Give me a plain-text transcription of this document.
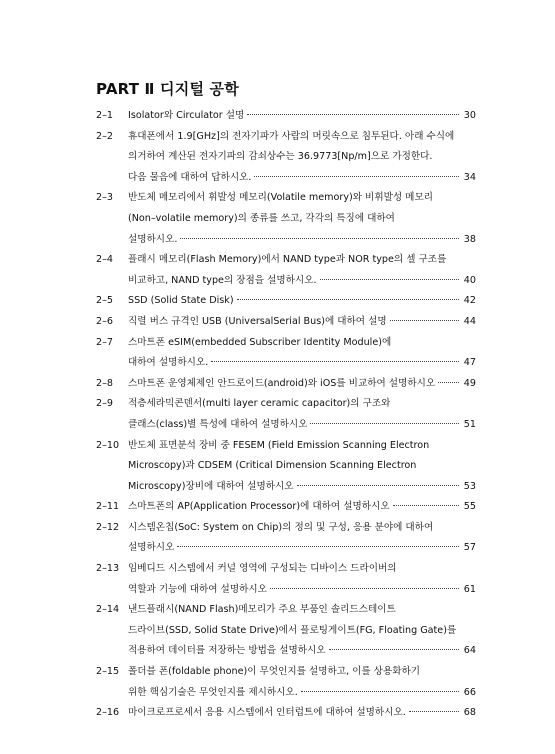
PART Ⅱ 디지털 공학
2–1	Isolator와 Circulator 설명	30
2–2	휴대폰에서 1.9[GHz]의 전자기파가 사람의 머릿속으로 침투된다. 아래 수식에
의거하여 계산된 전자기파의 감쇠상수는 36.9773[Np/m]으로 가정한다.
다음 물음에 대하여 답하시오.	34
2–3	반도체 메모리에서 휘발성 메모리(Volatile memory)와 비휘발성 메모리
(Non–volatile memory)의 종류를 쓰고, 각각의 특징에 대하여
설명하시오.	38
2–4	플래시 메모리(Flash Memory)에서 NAND type과 NOR type의 셀 구조를
비교하고, NAND type의 장점을 설명하시오.	40
2–5	SSD (Solid State Disk)	42
2–6	직렬 버스 규격인 USB (UniversalSerial Bus)에 대하여 설명	44
2–7	스마트폰 eSIM(embedded Subscriber Identity Module)에
대하여 설명하시오.	47
2–8	스마트폰 운영체제인 안드로이드(android)와 iOS를 비교하여 설명하시오	49
2–9	적층세라믹콘덴서(multi layer ceramic capacitor)의 구조와
클래스(class)별 특성에 대하여 설명하시오	51
2–10 반도체 표면분석 장비 중 FESEM (Field Emission Scanning Electron
Microscopy)과 CDSEM (Critical Dimension Scanning Electron
Microscopy)장비에 대하여 설명하시오	53
2–11 스마트폰의 AP(Application Processor)에 대하여 설명하시오	55
2–12 시스템온칩(SoC: System on Chip)의 정의 및 구성, 응용 분야에 대하여
설명하시오	57
2–13 임베디드 시스템에서 커널 영역에 구성되는 디바이스 드라이버의
역할과 기능에 대하여 설명하시오	61
2–14 낸드플래시(NAND Flash)메모리가 주요 부품인 솔리드스테이트
드라이브(SSD, Solid State Drive)에서 플로팅게이트(FG, Floating Gate)를
적용하여 데이터를 저장하는 방법을 설명하시오	64
2–15 폴더블 폰(foldable phone)이 무엇인지를 설명하고, 이를 상용화하기
위한 핵심기술은 무엇인지를 제시하시오.	66
2–16 마이크로프로세서 응용 시스템에서 인터럽트에 대하여 설명하시오.	68
